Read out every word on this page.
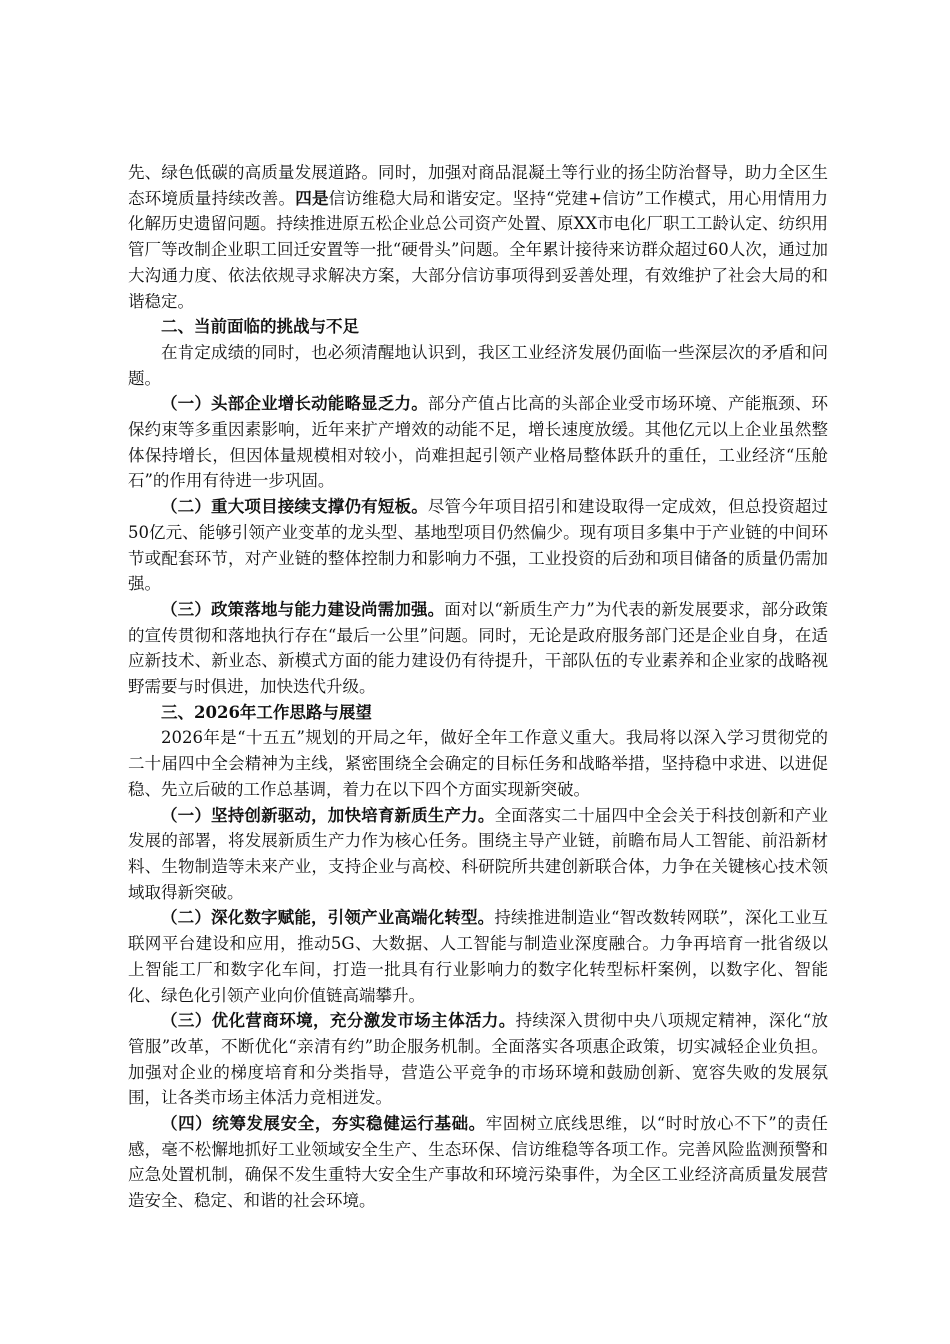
先、绿色低碳的高质量发展道路。同时，加强对商品混凝土等行业的扬尘防治督导，助力全区生态环境质量持续改善。四是信访维稳大局和谐安定。坚持“党建+信访”工作模式，用心用情用力化解历史遗留问题。持续推进原五松企业总公司资产处置、原XX市电化厂职工工龄认定、纺织用管厂等改制企业职工回迁安置等一批“硬骨头”问题。全年累计接待来访群众超过60人次，通过加大沟通力度、依法依规寻求解决方案，大部分信访事项得到妥善处理，有效维护了社会大局的和谐稳定。

二、当前面临的挑战与不足

在肯定成绩的同时，也必须清醒地认识到，我区工业经济发展仍面临一些深层次的矛盾和问题。

（一）头部企业增长动能略显乏力。部分产值占比高的头部企业受市场环境、产能瓶颈、环保约束等多重因素影响，近年来扩产增效的动能不足，增长速度放缓。其他亿元以上企业虽然整体保持增长，但因体量规模相对较小，尚难担起引领产业格局整体跃升的重任，工业经济“压舱石”的作用有待进一步巩固。

（二）重大项目接续支撑仍有短板。尽管今年项目招引和建设取得一定成效，但总投资超过50亿元、能够引领产业变革的龙头型、基地型项目仍然偏少。现有项目多集中于产业链的中间环节或配套环节，对产业链的整体控制力和影响力不强，工业投资的后劲和项目储备的质量仍需加强。

（三）政策落地与能力建设尚需加强。面对以“新质生产力”为代表的新发展要求，部分政策的宣传贯彻和落地执行存在“最后一公里”问题。同时，无论是政府服务部门还是企业自身，在适应新技术、新业态、新模式方面的能力建设仍有待提升，干部队伍的专业素养和企业家的战略视野需要与时俱进，加快迭代升级。

三、2026年工作思路与展望

2026年是“十五五”规划的开局之年，做好全年工作意义重大。我局将以深入学习贯彻党的二十届四中全会精神为主线，紧密围绕全会确定的目标任务和战略举措，坚持稳中求进、以进促稳、先立后破的工作总基调，着力在以下四个方面实现新突破。

（一）坚持创新驱动，加快培育新质生产力。全面落实二十届四中全会关于科技创新和产业发展的部署，将发展新质生产力作为核心任务。围绕主导产业链，前瞻布局人工智能、前沿新材料、生物制造等未来产业，支持企业与高校、科研院所共建创新联合体，力争在关键核心技术领域取得新突破。

（二）深化数字赋能，引领产业高端化转型。持续推进制造业“智改数转网联”，深化工业互联网平台建设和应用，推动5G、大数据、人工智能与制造业深度融合。力争再培育一批省级以上智能工厂和数字化车间，打造一批具有行业影响力的数字化转型标杆案例，以数字化、智能化、绿色化引领产业向价值链高端攀升。

（三）优化营商环境，充分激发市场主体活力。持续深入贯彻中央八项规定精神，深化“放管服”改革，不断优化“亲清有约”助企服务机制。全面落实各项惠企政策，切实减轻企业负担。加强对企业的梯度培育和分类指导，营造公平竞争的市场环境和鼓励创新、宽容失败的发展氛围，让各类市场主体活力竞相迸发。

（四）统筹发展安全，夯实稳健运行基础。牢固树立底线思维，以“时时放心不下”的责任感，毫不松懈地抓好工业领域安全生产、生态环保、信访维稳等各项工作。完善风险监测预警和应急处置机制，确保不发生重特大安全生产事故和环境污染事件，为全区工业经济高质量发展营造安全、稳定、和谐的社会环境。
